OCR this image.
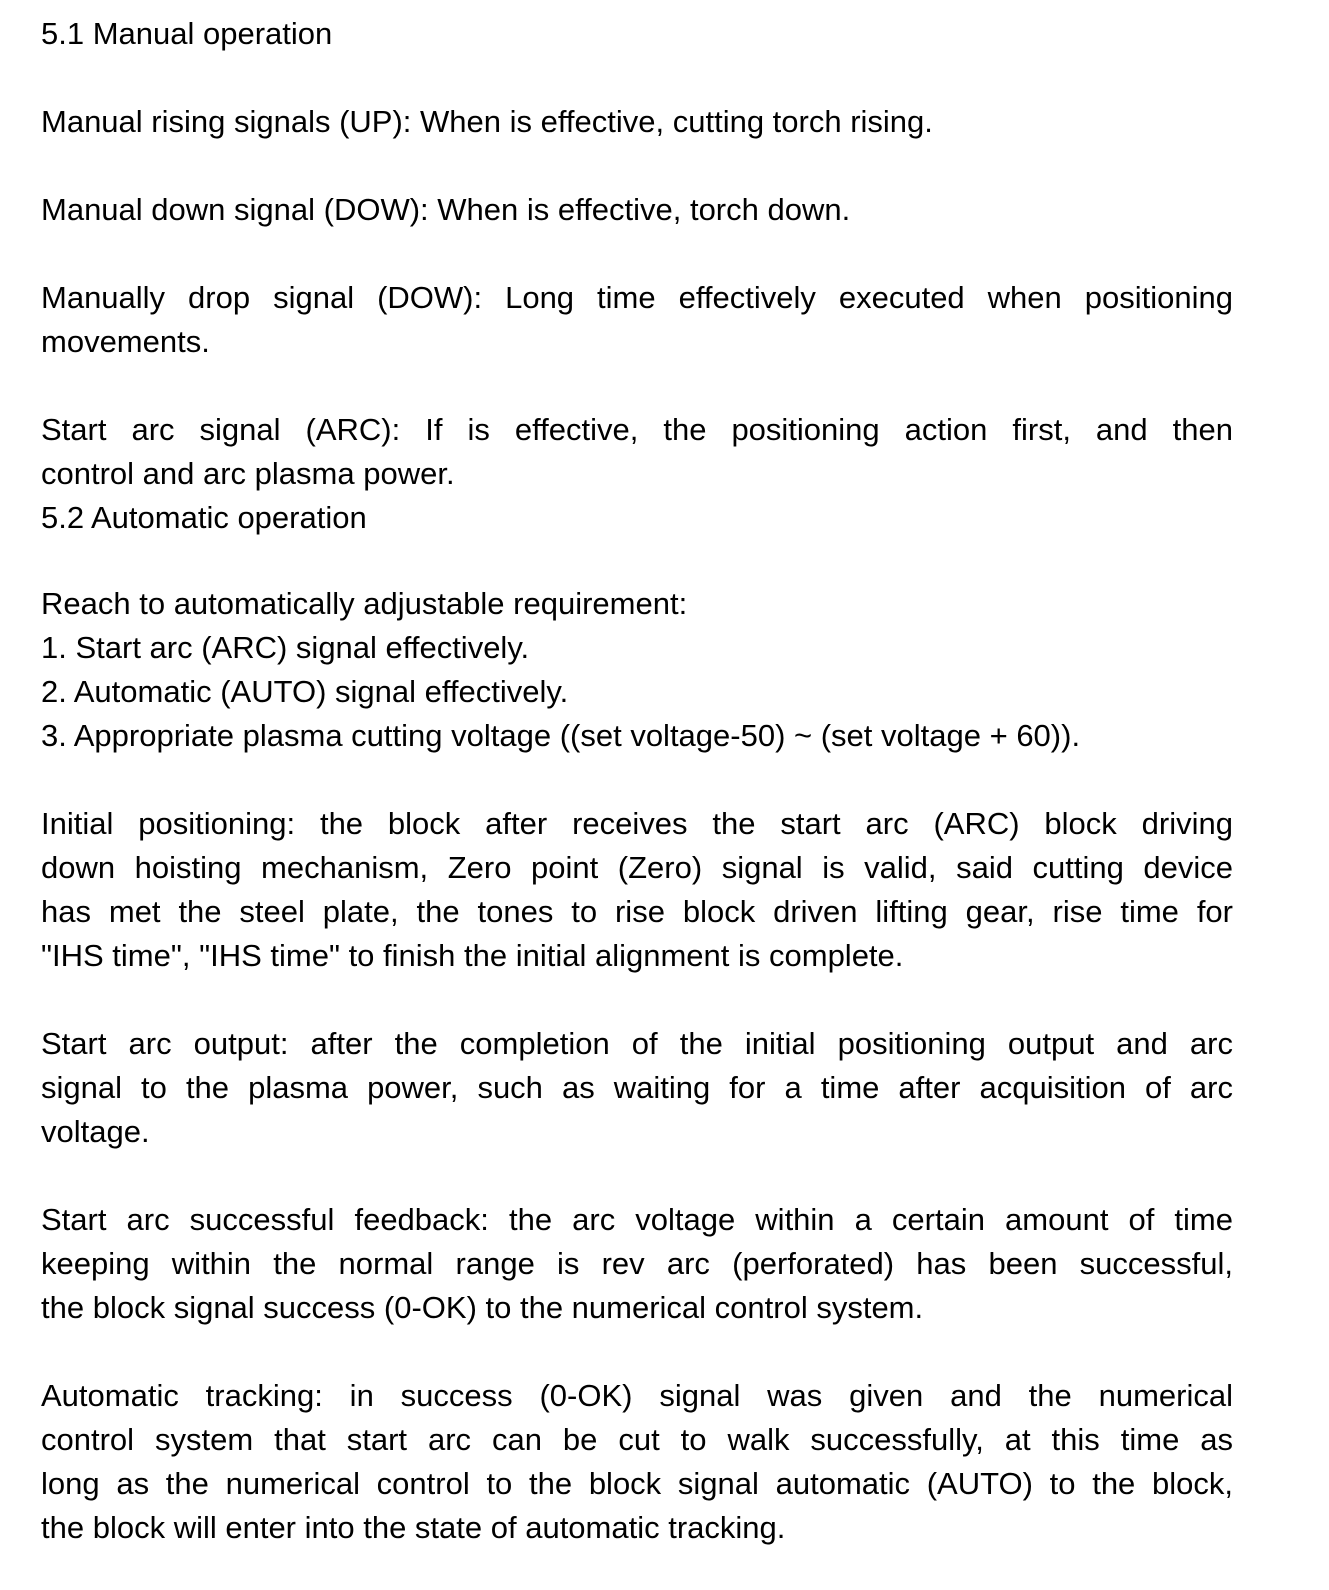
5.1 Manual operation
Manual rising signals (UP): When is effective, cutting torch rising.
Manual down signal (DOW): When is effective, torch down.
Manually drop signal (DOW): Long time effectively executed when positioning
movements.
Start arc signal (ARC): If is effective, the positioning action first, and then
control and arc plasma power.
5.2 Automatic operation
Reach to automatically adjustable requirement:
1. Start arc (ARC) signal effectively.
2. Automatic (AUTO) signal effectively.
3. Appropriate plasma cutting voltage ((set voltage-50) ~ (set voltage + 60)).
Initial positioning: the block after receives the start arc (ARC) block driving
down hoisting mechanism, Zero point (Zero) signal is valid, said cutting device
has met the steel plate, the tones to rise block driven lifting gear, rise time for
"IHS time", "IHS time" to finish the initial alignment is complete.
Start arc output: after the completion of the initial positioning output and arc
signal to the plasma power, such as waiting for a time after acquisition of arc
voltage.
Start arc successful feedback: the arc voltage within a certain amount of time
keeping within the normal range is rev arc (perforated) has been successful,
the block signal success (0-OK) to the numerical control system.
Automatic tracking: in success (0-OK) signal was given and the numerical
control system that start arc can be cut to walk successfully, at this time as
long as the numerical control to the block signal automatic (AUTO) to the block,
the block will enter into the state of automatic tracking.
